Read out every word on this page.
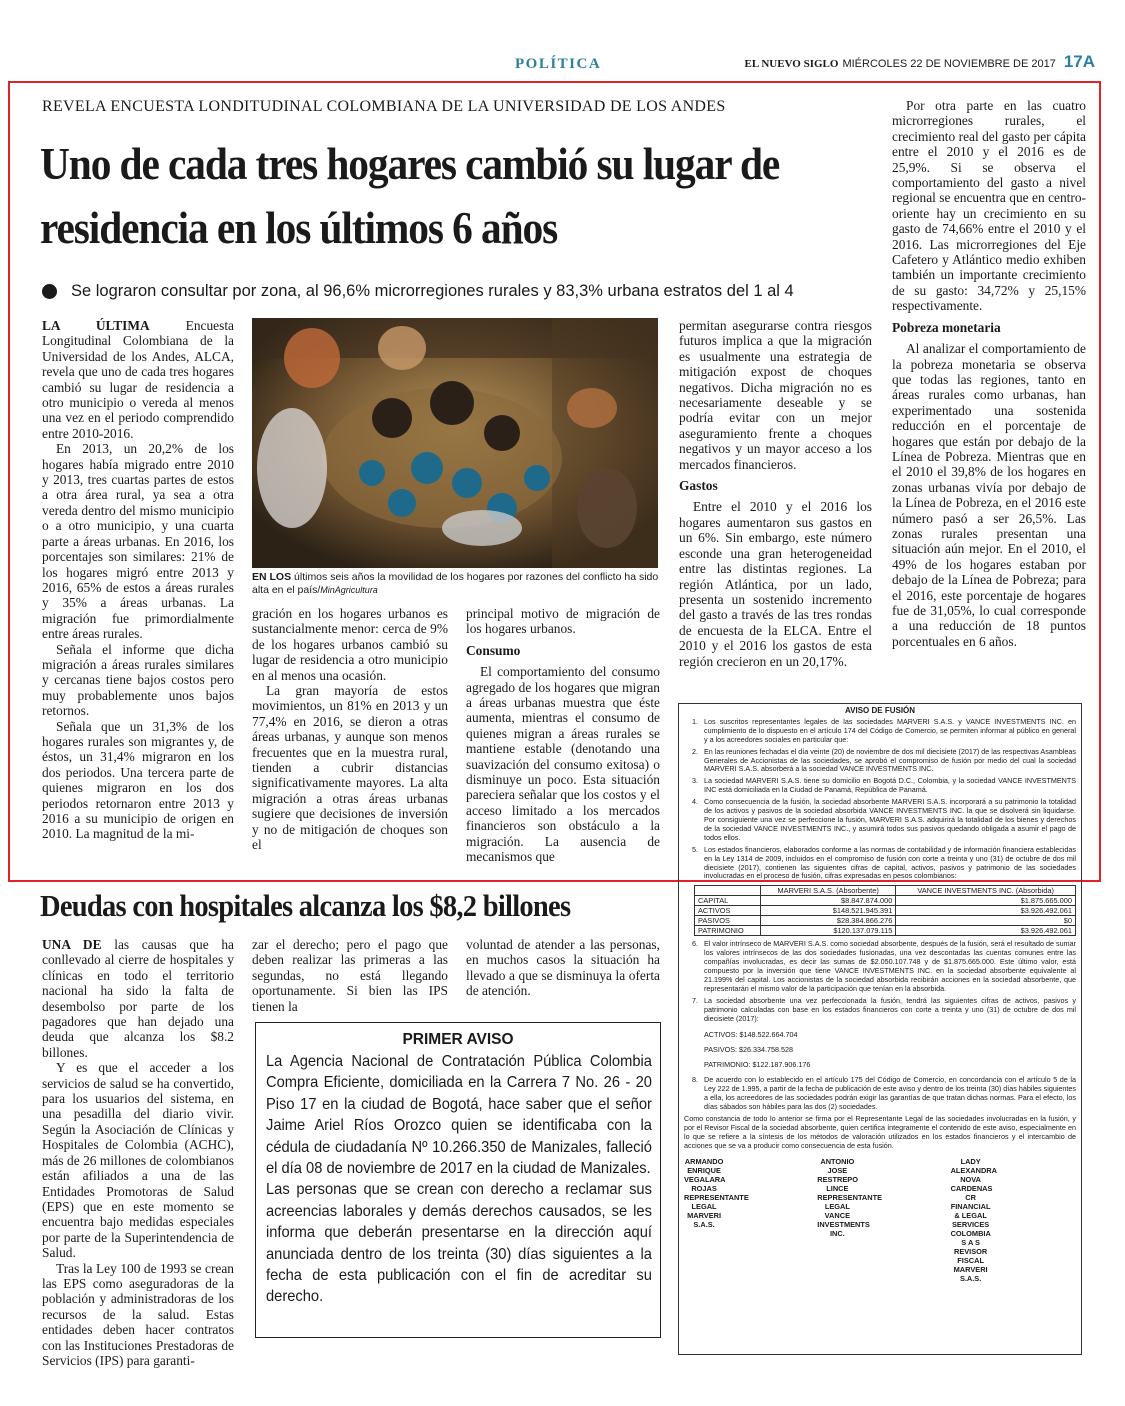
POLÍTICA	EL NUEVO SIGLO MIÉRCOLES 22 DE NOVIEMBRE DE 2017 17A
REVELA ENCUESTA LONDITUDINAL COLOMBIANA DE LA UNIVERSIDAD DE LOS ANDES
Uno de cada tres hogares cambió su lugar de residencia en los últimos 6 años
Se lograron consultar por zona, al 96,6% microrregiones rurales y 83,3% urbana estratos del 1 al 4

LA ÚLTIMA	Encuesta Longitudinal Colombiana de la Universidad de los Andes, ALCA, revela que uno de cada tres hogares cambió su lugar de residencia a otro municipio o vereda al menos una vez en el periodo comprendido entre 2010-2016.

En 2013, un 20,2% de los hogares había migrado entre 2010 y 2013, tres cuartas partes de estos a otra área rural, ya sea a otra vereda dentro del mismo municipio o a otro municipio, y una cuarta parte a áreas urbanas. En 2016, los porcentajes son similares: 21% de los hogares migró entre 2013 y 2016, 65% de estos a áreas rurales y 35% a áreas urbanas. La migración fue primordialmente entre áreas rurales.

Señala el informe que dicha migración a áreas rurales similares y cercanas tiene bajos costos pero muy probablemente unos bajos retornos.

Señala que un 31,3% de los hogares rurales son migrantes y, de éstos, un 31,4% migraron en los dos periodos. Una tercera parte de quienes migraron en los dos periodos retornaron entre 2013 y 2016 a su municipio de origen en 2010. La magnitud de la mi-

EN LOS últimos seis años la movilidad de los hogares por razones del conflicto ha sido alta en el país/MinAgricultura

gración en los hogares urbanos es sustancialmente menor: cerca de 9% de los hogares urbanos cambió su lugar de residencia a otro municipio en al menos una ocasión.

La gran mayoría de estos movimientos, un 81% en 2013 y un 77,4% en 2016, se dieron a otras áreas urbanas, y aunque son menos frecuentes que en la muestra rural, tienden a cubrir distancias significativamente mayores. La alta migración a otras áreas urbanas sugiere que decisiones de inversión y no de mitigación de choques son el

principal motivo de migración de los hogares urbanos.

Consumo

El comportamiento del consumo agregado de los hogares que migran a áreas urbanas muestra que éste aumenta, mientras el consumo de quienes migran a áreas rurales se mantiene estable (denotando una suavización del consumo exitosa) o disminuye un poco. Esta situación pareciera señalar que los costos y el acceso limitado a los mercados financieros son obstáculo a la migración. La ausencia de mecanismos que

permitan asegurarse contra riesgos futuros implica a que la migración es usualmente una estrategia de mitigación expost de choques negativos. Dicha migración no es necesariamente deseable y se podría evitar con un mejor aseguramiento frente a choques negativos y un mayor acceso a los mercados financieros.

Gastos

Entre el 2010 y el 2016 los hogares aumentaron sus gastos en un 6%. Sin embargo, este número esconde una gran heterogeneidad entre las distintas regiones. La región Atlántica, por un lado, presenta un sostenido incremento del gasto a través de las tres rondas de encuesta de la ELCA. Entre el 2010 y el 2016 los gastos de esta región crecieron en un 20,17%.

Por otra parte en las cuatro microrregiones rurales, el crecimiento real del gasto per cápita entre el 2010 y el 2016 es de 25,9%. Si se observa el comportamiento del gasto a nivel regional se encuentra que en centro-oriente hay un crecimiento en su gasto de 74,66% entre el 2010 y el 2016. Las microrregiones del Eje Cafetero y Atlántico medio exhiben también un importante crecimiento de su gasto: 34,72% y 25,15% respectivamente.

Pobreza monetaria

Al analizar el comportamiento de la pobreza monetaria se observa que todas las regiones, tanto en áreas rurales como urbanas, han experimentado una sostenida reducción en el porcentaje de hogares que están por debajo de la Línea de Pobreza. Mientras que en el 2010 el 39,8% de los hogares en zonas urbanas vivía por debajo de la Línea de Pobreza, en el 2016 este número pasó a ser 26,5%. Las zonas rurales presentan una situación aún mejor. En el 2010, el 49% de los hogares estaban por debajo de la Línea de Pobreza; para el 2016, este porcentaje de hogares fue de 31,05%, lo cual corresponde a una reducción de 18 puntos porcentuales en 6 años.

Deudas con hospitales alcanza los $8,2 billones

UNA DE las causas que ha conllevado al cierre de hospitales y clínicas en todo el territorio nacional ha sido la falta de desembolso por parte de los pagadores que han dejado una deuda que alcanza los $8.2 billones.

Y es que el acceder a los servicios de salud se ha convertido, para los usuarios del sistema, en una pesadilla del diario vivir. Según la Asociación de Clínicas y Hospitales de Colombia (ACHC), más de 26 millones de colombianos están afiliados a una de las Entidades Promotoras de Salud (EPS) que en este momento se encuentra bajo medidas especiales por parte de la Superintendencia de Salud.

Tras la Ley 100 de 1993 se crean las EPS como aseguradoras de la población y administradoras de los recursos de la salud. Estas entidades deben hacer contratos con las Instituciones Prestadoras de Servicios (IPS) para garanti-

zar el derecho; pero el pago que deben realizar las primeras a las segundas, no está llegando oportunamente. Si bien las IPS tienen la

voluntad de atender a las personas, en muchos casos la situación ha llevado a que se disminuya la oferta de atención.

PRIMER AVISO

La Agencia Nacional de Contratación Pública Colombia Compra Eficiente, domiciliada en la Carrera 7 No. 26 - 20 Piso 17 en la ciudad de Bogotá, hace saber que el señor Jaime Ariel Ríos Orozco quien se identificaba con la cédula de ciudadanía Nº 10.266.350 de Manizales, falleció el día 08 de noviembre de 2017 en la ciudad de Manizales.

Las personas que se crean con derecho a reclamar sus acreencias laborales y demás derechos causados, se les informa que deberán presentarse en la dirección aquí anunciada dentro de los treinta (30) días siguientes a la fecha de esta publicación con el fin de acreditar su derecho.

AVISO DE FUSIÓN
1. Los suscritos representantes legales de las sociedades MARVERI S.A.S. y VANCE INVESTMENTS INC. en cumplimiento de lo dispuesto en el artículo 174 del Código de Comercio, se permiten informar al público en general y a los acreedores sociales en particular que:
2. En las reuniones fechadas el día veinte (20) de noviembre de dos mil diecisiete (2017) de las respectivas Asambleas Generales de Accionistas de las sociedades, se aprobó el compromiso de fusión por medio del cual la sociedad MARVERI S.A.S. absorberá a la sociedad VANCE INVESTMENTS INC.
3. La sociedad MARVERI S.A.S. tiene su domicilio en Bogotá D.C., Colombia, y la sociedad VANCE INVESTMENTS INC está domiciliada en la Ciudad de Panamá, República de Panamá.
4. Como consecuencia de la fusión, la sociedad absorbente MARVERI S.A.S. incorporará a su patrimonio la totalidad de los activos y pasivos de la sociedad absorbida VANCE INVESTMENTS INC. la que se disolverá sin liquidarse. Por consiguiente una vez se perfeccione la fusión, MARVERI S.A.S. adquirirá la totalidad de los bienes y derechos de la sociedad VANCE INVESTMENTS INC., y asumirá todos sus pasivos quedando obligada a asumir el pago de todos ellos.
5. Los estados financieros, elaborados conforme a las normas de contabilidad y de información financiera establecidas en la Ley 1314 de 2009, incluidos en el compromiso de fusión con corte a treinta y uno (31) de octubre de dos mil diecisiete (2017), contienen las siguientes cifras de capital, activos, pasivos y patrimonio de las sociedades involucradas en el proceso de fusión, cifras expresadas en pesos colombianos:
	MARVERI S.A.S. (Absorbente)	VANCE INVESTMENTS INC. (Absorbida)
CAPITAL	$8.847.874.000	$1.875.665.000
ACTIVOS	$148.521.945.391	$3.926.492.061
PASIVOS	$28.384.866.276	$0
PATRIMONIO	$120.137.079.115	$3.926.492.061
6. El valor intrínseco de MARVERI S.A.S. como sociedad absorbente, después de la fusión, será el resultado de sumar los valores intrínsecos de las dos sociedades fusionadas, una vez descontadas las cuentas comunes entre las compañías involucradas, es decir las sumas de $2.050.107.748 y de $1.875.665.000. Este último valor, está compuesto por la inversión que tiene VANCE INVESTMENTS INC. en la sociedad absorbente equivalente al 21.199% del capital. Los accionistas de la sociedad absorbida recibirán acciones en la sociedad absorbente, que representarán el mismo valor de la participación que tenían en la absorbida.
7. La sociedad absorbente una vez perfeccionada la fusión, tendrá las siguientes cifras de activos, pasivos y patrimonio calculadas con base en los estados financieros con corte a treinta y uno (31) de octubre de dos mil diecisiete (2017):
ACTIVOS: $148.522.664.704
PASIVOS: $26.334.758.528
PATRIMONIO: $122.187.906.176
8. De acuerdo con lo establecido en el artículo 175 del Código de Comercio, en concordancia con el artículo 5 de la Ley 222 de 1.995, a partir de la fecha de publicación de este aviso y dentro de los treinta (30) días hábiles siguientes a ella, los acreedores de las sociedades podrán exigir las garantías de que tratan dichas normas. Para el efecto, los días sábados son hábiles para las dos (2) sociedades.
Como constancia de todo lo anterior se firma por el Representante Legal de las sociedades involucradas en la fusión, y por el Revisor Fiscal de la sociedad absorbente, quien certifica íntegramente el contenido de este aviso, especialmente en lo que se refiere a la síntesis de los métodos de valoración utilizados en los estados financieros y el intercambio de acciones que se va a producir como consecuencia de esta fusión.
ARMANDO ENRIQUE
VEGALARA ROJAS
REPRESENTANTE LEGAL
MARVERI S.A.S.
ANTONIO JOSE
RESTREPO LINCE
REPRESENTANTE LEGAL
VANCE INVESTMENTS INC.
LADY ALEXANDRA
NOVA CARDENAS
CR FINANCIAL & LEGAL
SERVICES COLOMBIA S A S
REVISOR FISCAL
MARVERI S.A.S.
